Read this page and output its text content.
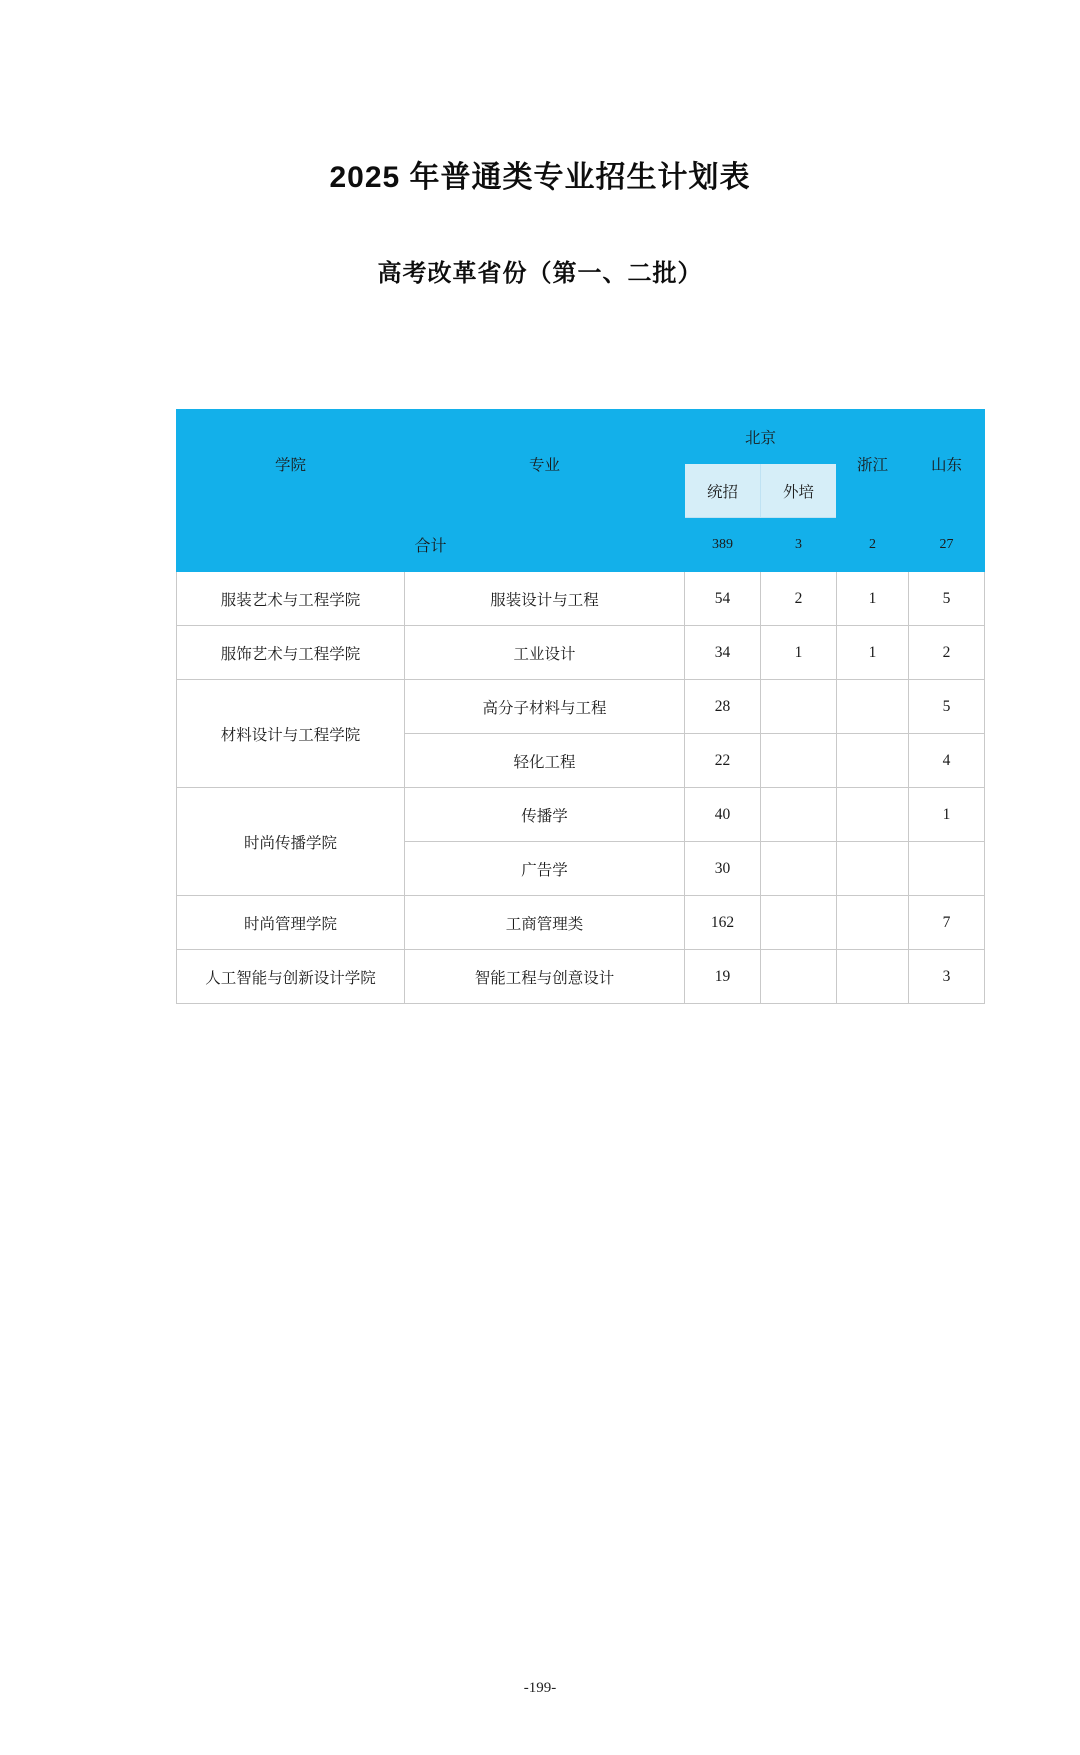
2025 年普通类专业招生计划表
高考改革省份（第一、二批）
学院	专业	北京		浙江	山东
		统招	外培		
合计		389	3	2	27
服装艺术与工程学院	服装设计与工程	54	2	1	5
服饰艺术与工程学院	工业设计	34	1	1	2
材料设计与工程学院	高分子材料与工程	28			5
	轻化工程	22			4
时尚传播学院	传播学	40			1
	广告学	30			
时尚管理学院	工商管理类	162			7
人工智能与创新设计学院	智能工程与创意设计	19			3
-199-
